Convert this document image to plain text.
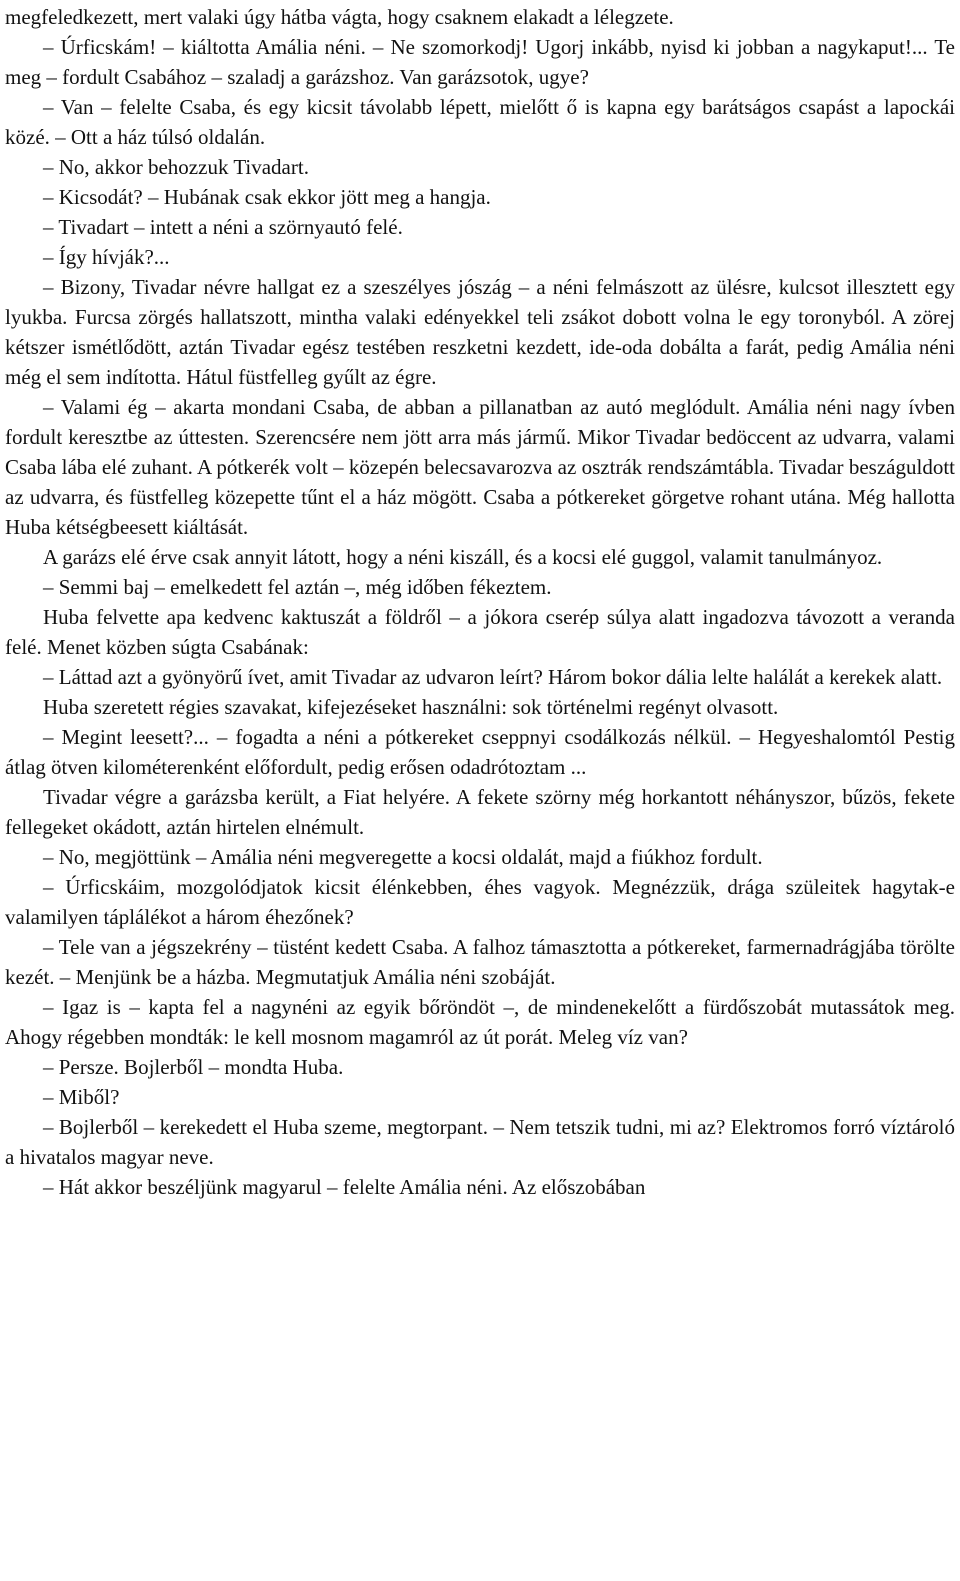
megfeledkezett, mert valaki úgy hátba vágta, hogy csaknem elakadt a lélegzete.

– Úrficskám! – kiáltotta Amália néni. – Ne szomorkodj! Ugorj inkább, nyisd ki jobban a nagykaput!... Te meg – fordult Csabához – szaladj a garázshoz. Van garázsotok, ugye?

– Van – felelte Csaba, és egy kicsit távolabb lépett, mielőtt ő is kapna egy barátságos csapást a lapockái közé. – Ott a ház túlsó oldalán.

– No, akkor behozzuk Tivadart.

– Kicsodát? – Hubának csak ekkor jött meg a hangja.

– Tivadart – intett a néni a szörnyautó felé.

– Így hívják?...

– Bizony, Tivadar névre hallgat ez a szeszélyes jószág – a néni felmászott az ülésre, kulcsot illesztett egy lyukba. Furcsa zörgés hallatszott, mintha valaki edényekkel teli zsákot dobott volna le egy toronyból. A zörej kétszer ismétlődött, aztán Tivadar egész testében reszketni kezdett, ide-oda dobálta a farát, pedig Amália néni még el sem indította. Hátul füstfelleg gyűlt az égre.

– Valami ég – akarta mondani Csaba, de abban a pillanatban az autó meglódult. Amália néni nagy ívben fordult keresztbe az úttesten. Szerencsére nem jött arra más jármű. Mikor Tivadar bedöccent az udvarra, valami Csaba lába elé zuhant. A pótkerék volt – közepén belecsavarozva az osztrák rendszámtábla. Tivadar beszáguldott az udvarra, és füstfelleg közepette tűnt el a ház mögött. Csaba a pótkereket görgetve rohant utána. Még hallotta Huba kétségbeesett kiáltását.

A garázs elé érve csak annyit látott, hogy a néni kiszáll, és a kocsi elé guggol, valamit tanulmányoz.

– Semmi baj – emelkedett fel aztán –, még időben fékeztem.

Huba felvette apa kedvenc kaktuszát a földről – a jókora cserép súlya alatt ingadozva távozott a veranda felé. Menet közben súgta Csabának:

– Láttad azt a gyönyörű ívet, amit Tivadar az udvaron leírt? Három bokor dália lelte halálát a kerekek alatt.

Huba szeretett régies szavakat, kifejezéseket használni: sok történelmi regényt olvasott.

– Megint leesett?... – fogadta a néni a pótkereket cseppnyi csodálkozás nélkül. – Hegyeshalomtól Pestig átlag ötven kilométerenként előfordult, pedig erősen odadrótoztam ...

Tivadar végre a garázsba került, a Fiat helyére. A fekete szörny még horkantott néhányszor, bűzös, fekete fellegeket okádott, aztán hirtelen elnémult.

– No, megjöttünk – Amália néni megveregette a kocsi oldalát, majd a fiúkhoz fordult.

– Úrficskáim, mozgolódjatok kicsit élénkebben, éhes vagyok. Megnézzük, drága szüleitek hagytak-e valamilyen táplálékot a három éhezőnek?

– Tele van a jégszekrény – tüstént kedett Csaba. A falhoz támasztotta a pótkereket, farmernadrágjába törölte kezét. – Menjünk be a házba. Megmutatjuk Amália néni szobáját.

– Igaz is – kapta fel a nagynéni az egyik bőröndöt –, de mindenekelőtt a fürdőszobát mutassátok meg. Ahogy régebben mondták: le kell mosnom magamról az út porát. Meleg víz van?

– Persze. Bojlerből – mondta Huba.

– Miből?

– Bojlerből – kerekedett el Huba szeme, megtorpant. – Nem tetszik tudni, mi az? Elektromos forró víztároló a hivatalos magyar neve.

– Hát akkor beszéljünk magyarul – felelte Amália néni. Az előszobában
